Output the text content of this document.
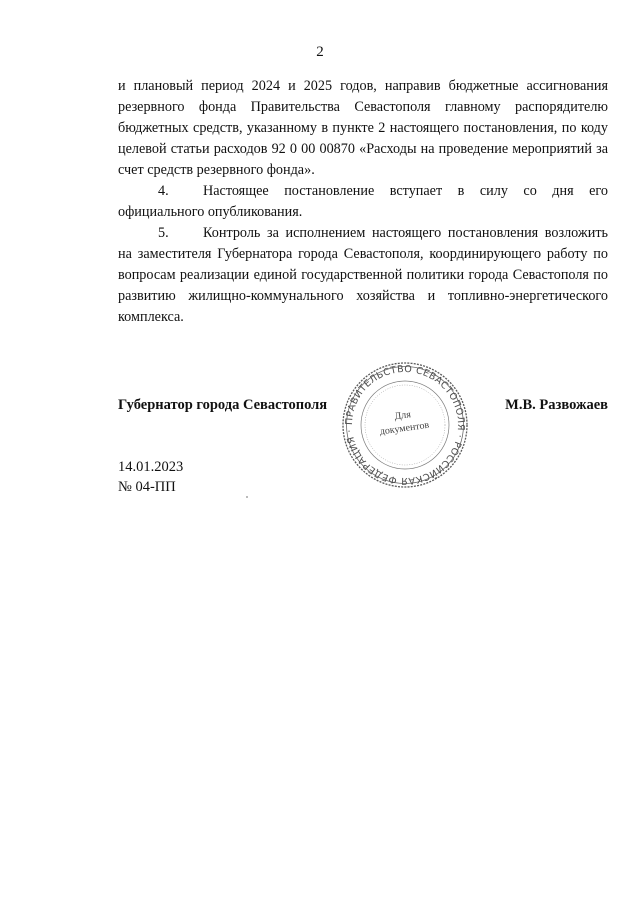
2

и плановый период 2024 и 2025 годов, направив бюджетные ассигнования резервного фонда Правительства Севастополя главному распорядителю бюджетных средств, указанному в пункте 2 настоящего постановления, по коду целевой статьи расходов 92 0 00 00870 «Расходы на проведение мероприятий за счет средств резервного фонда».

4. Настоящее постановление вступает в силу со дня его официального опубликования.

5. Контроль за исполнением настоящего постановления возложить на заместителя Губернатора города Севастополя, координирующего работу по вопросам реализации единой государственной политики города Севастополя по развитию жилищно-коммунального хозяйства и топливно-энергетического комплекса.

Губернатор города Севастополя	М.В. Развожаев
14.01.2023
№ 04-ПП
ПРАВИТЕЛЬСТВО СЕВАСТОПОЛЯ · РОССИЙСКАЯ ФЕДЕРАЦИЯ ·
Для
документов
